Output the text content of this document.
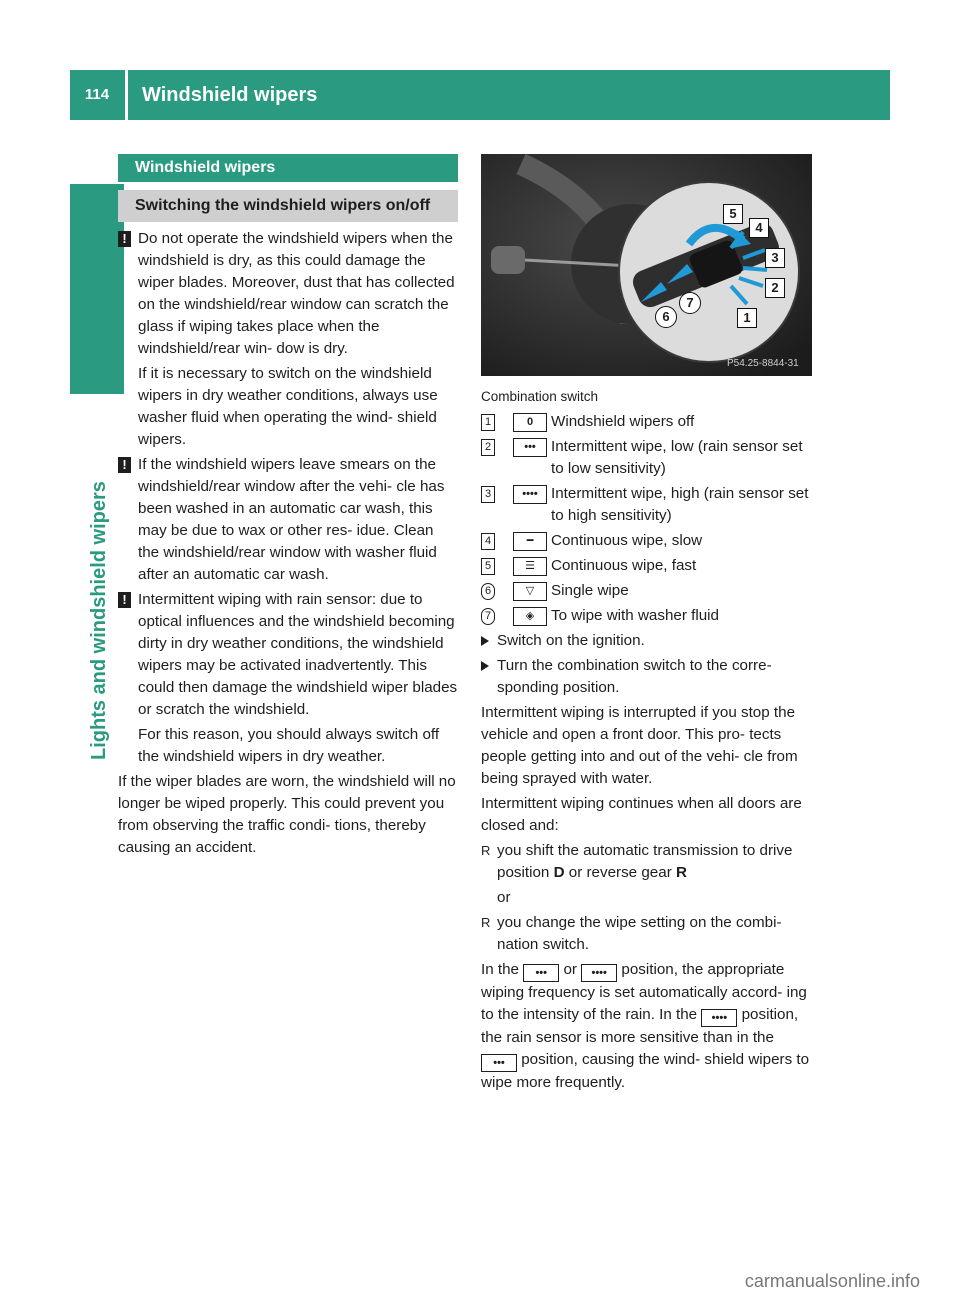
114	Windshield wipers
Lights and windshield wipers
Windshield wipers
Switching the windshield wipers on/off
! Do not operate the windshield wipers when the windshield is dry, as this could damage the wiper blades. Moreover, dust that has collected on the windshield/rear window can scratch the glass if wiping takes place when the windshield/rear win- dow is dry.

If it is necessary to switch on the windshield wipers in dry weather conditions, always use washer fluid when operating the wind- shield wipers.

! If the windshield wipers leave smears on the windshield/rear window after the vehi- cle has been washed in an automatic car wash, this may be due to wax or other res- idue. Clean the windshield/rear window with washer fluid after an automatic car wash.

! Intermittent wiping with rain sensor: due to optical influences and the windshield becoming dirty in dry weather conditions, the windshield wipers may be activated inadvertently. This could then damage the windshield wiper blades or scratch the windshield.

For this reason, you should always switch off the windshield wipers in dry weather.

If the wiper blades are worn, the windshield will no longer be wiped properly. This could prevent you from observing the traffic condi- tions, thereby causing an accident.

5
4
3
2
1
6
7
P54.25-8844-31

Combination switch

1	0	Windshield wipers off
2	•••	Intermittent wipe, low (rain sensor set to low sensitivity)
3	•••• Intermittent wipe, high (rain sensor set to high sensitivity)
4	━	Continuous wipe, slow
5	☰	Continuous wipe, fast
6	▽	Single wipe
7	◈	To wipe with washer fluid
Switch on the ignition.
Turn the combination switch to the corre- sponding position.

Intermittent wiping is interrupted if you stop the vehicle and open a front door. This pro- tects people getting into and out of the vehi- cle from being sprayed with water.

Intermittent wiping continues when all doors are closed and:

R you shift the automatic transmission to drive position D or reverse gear R

or

R you change the wipe setting on the combi- nation switch.

In the ••• or •••• position, the appropriate wiping frequency is set automatically accord- ing to the intensity of the rain. In the •••• position, the rain sensor is more sensitive than in the ••• position, causing the wind- shield wipers to wipe more frequently.

carmanualsonline.info
